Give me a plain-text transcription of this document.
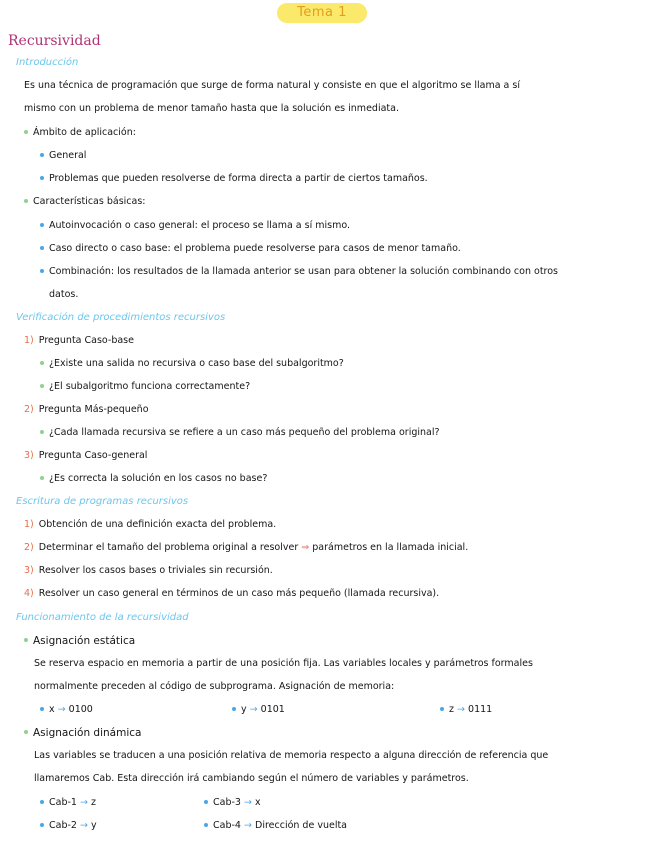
Tema 1
Recursividad
Introducción
Es una técnica de programación que surge de forma natural y consiste en que el algoritmo se llama a sí
mismo con un problema de menor tamaño hasta que la solución es inmediata.
Ámbito de aplicación:
General
Problemas que pueden resolverse de forma directa a partir de ciertos tamaños.
Características básicas:
Autoinvocación o caso general: el proceso se llama a sí mismo.
Caso directo o caso base: el problema puede resolverse para casos de menor tamaño.
Combinación: los resultados de la llamada anterior se usan para obtener la solución combinando con otros
datos.
Verificación de procedimientos recursivos
1) Pregunta Caso-base
¿Existe una salida no recursiva o caso base del subalgoritmo?
¿El subalgoritmo funciona correctamente?
2) Pregunta Más-pequeño
¿Cada llamada recursiva se refiere a un caso más pequeño del problema original?
3) Pregunta Caso-general
¿Es correcta la solución en los casos no base?
Escritura de programas recursivos
1) Obtención de una definición exacta del problema.
2) Determinar el tamaño del problema original a resolver ⇒ parámetros en la llamada inicial.
3) Resolver los casos bases o triviales sin recursión.
4) Resolver un caso general en términos de un caso más pequeño (llamada recursiva).
Funcionamiento de la recursividad
Asignación estática
Se reserva espacio en memoria a partir de una posición fija. Las variables locales y parámetros formales
normalmente preceden al código de subprograma. Asignación de memoria:
x → 0100	y → 0101	z → 0111
Asignación dinámica
Las variables se traducen a una posición relativa de memoria respecto a alguna dirección de referencia que
llamaremos Cab. Esta dirección irá cambiando según el número de variables y parámetros.
Cab-1 → z	Cab-3 → x
Cab-2 → y	Cab-4 → Dirección de vuelta
